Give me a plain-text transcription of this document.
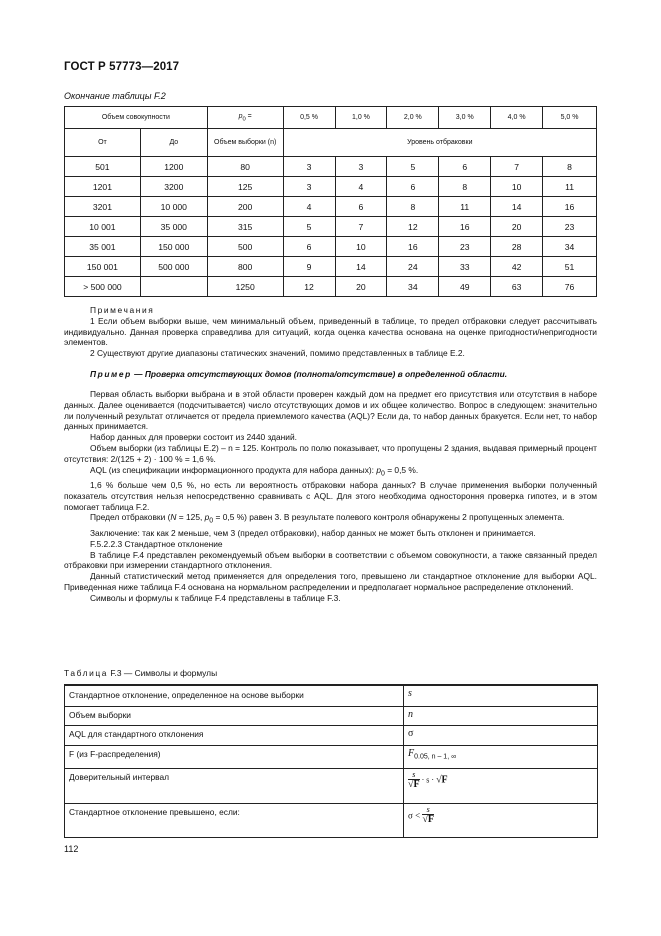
ГОСТ Р 57773—2017
Окончание таблицы F.2
Объем совокупности		$p_0$ =	0,5 %	1,0 %	2,0 %	3,0 %	4,0 %	5,0 %
От	До	Объем выборки (n)	Уровень отбраковки					
501	1200	80	3	3	5	6	7	8
1201	3200	125	3	4	6	8	10	11
3201	10 000	200	4	6	8	11	14	16
10 001	35 000	315	5	7	12	16	20	23
35 001	150 000	500	6	10	16	23	28	34
150 001	500 000	800	9	14	24	33	42	51
> 500 000		1250	12	20	34	49	63	76

Примечания

1 Если объем выборки выше, чем минимальный объем, приведенный в таблице, то предел отбраковки следует рассчитывать индивидуально. Данная проверка справедлива для ситуаций, когда оценка качества основана на оценке пригодности/непригодности элементов.

2 Существуют другие диапазоны статических значений, помимо представленных в таблице E.2.

Пример — Проверка отсутствующих домов (полнота/отсутствие) в определенной области.

Первая область выборки выбрана и в этой области проверен каждый дом на предмет его присутствия или отсутствия в наборе данных. Далее оценивается (подсчитывается) число отсутствующих домов и их общее количество. Вопрос в следующем: значительно ли полученный результат отличается от предела приемлемого качества (AQL)? Если да, то набор данных бракуется. Если нет, то набор данных принимается.

Набор данных для проверки состоит из 2440 зданий.

Объем выборки (из таблицы E.2) – n = 125. Контроль по полю показывает, что пропущены 2 здания, выдавая примерный процент отсутствия: 2/(125 + 2) · 100 % = 1,6 %.

AQL (из спецификации информационного продукта для набора данных): $p_0 = 0,5$ %.

1,6 % больше чем 0,5 %, но есть ли вероятность отбраковки набора данных? В случае применения выборки полученный показатель отсутствия нельзя непосредственно сравнивать с AQL. Для этого необходима одностороння проверка гипотез, и в этом помогает таблица F.2.

Предел отбраковки (N = 125, $p_0 = 0,5$ %) равен 3. В результате полевого контроля обнаружены 2 пропущенных элемента.

Заключение: так как 2 меньше, чем 3 (предел отбраковки), набор данных не может быть отклонен и принимается.

F.5.2.2.3 Стандартное отклонение

В таблице F.4 представлен рекомендуемый объем выборки в соответствии с объемом совокупности, а также связанный предел отбраковки при измерении стандартного отклонения.

Данный статистический метод применяется для определения того, превышено ли стандартное отклонение для выборки AQL. Приведенная ниже таблица F.4 основана на нормальном распределении и предполагает нормальное распределение отклонений.

Символы и формулы к таблице F.4 представлены в таблице F.3.

Таблица F.3 — Символы и формулы

Стандартное отклонение, определенное на основе выборки	s
Объем выборки	n
AQL для стандартного отклонения	σ
F (из F-распределения)	$F_{0.05, n - 1, \infty}$
Доверительный интервал	$\frac{s}{√F} \cdot s \cdot √F$
Стандартное отклонение превышено, если:	$\sigma < \frac{s}{√F}$
112
